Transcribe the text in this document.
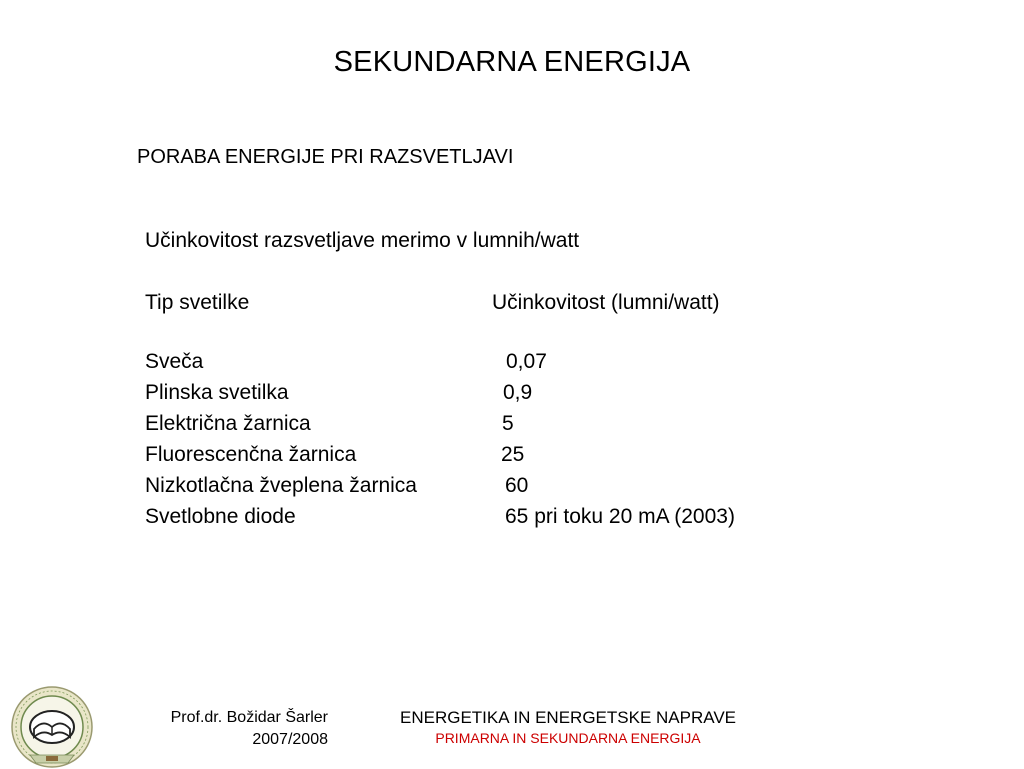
SEKUNDARNA ENERGIJA
PORABA ENERGIJE PRI RAZSVETLJAVI
Učinkovitost razsvetljave merimo v lumnih/watt
Tip svetilke	Učinkovitost (lumni/watt)
Sveča	0,07
Plinska svetilka	0,9
Električna žarnica	5
Fluorescenčna žarnica	25
Nizkotlačna žveplena žarnica	60
Svetlobne diode	65 pri toku 20 mA (2003)
Prof.dr. Božidar Šarler
2007/2008
ENERGETIKA IN ENERGETSKE NAPRAVE
PRIMARNA IN SEKUNDARNA ENERGIJA
